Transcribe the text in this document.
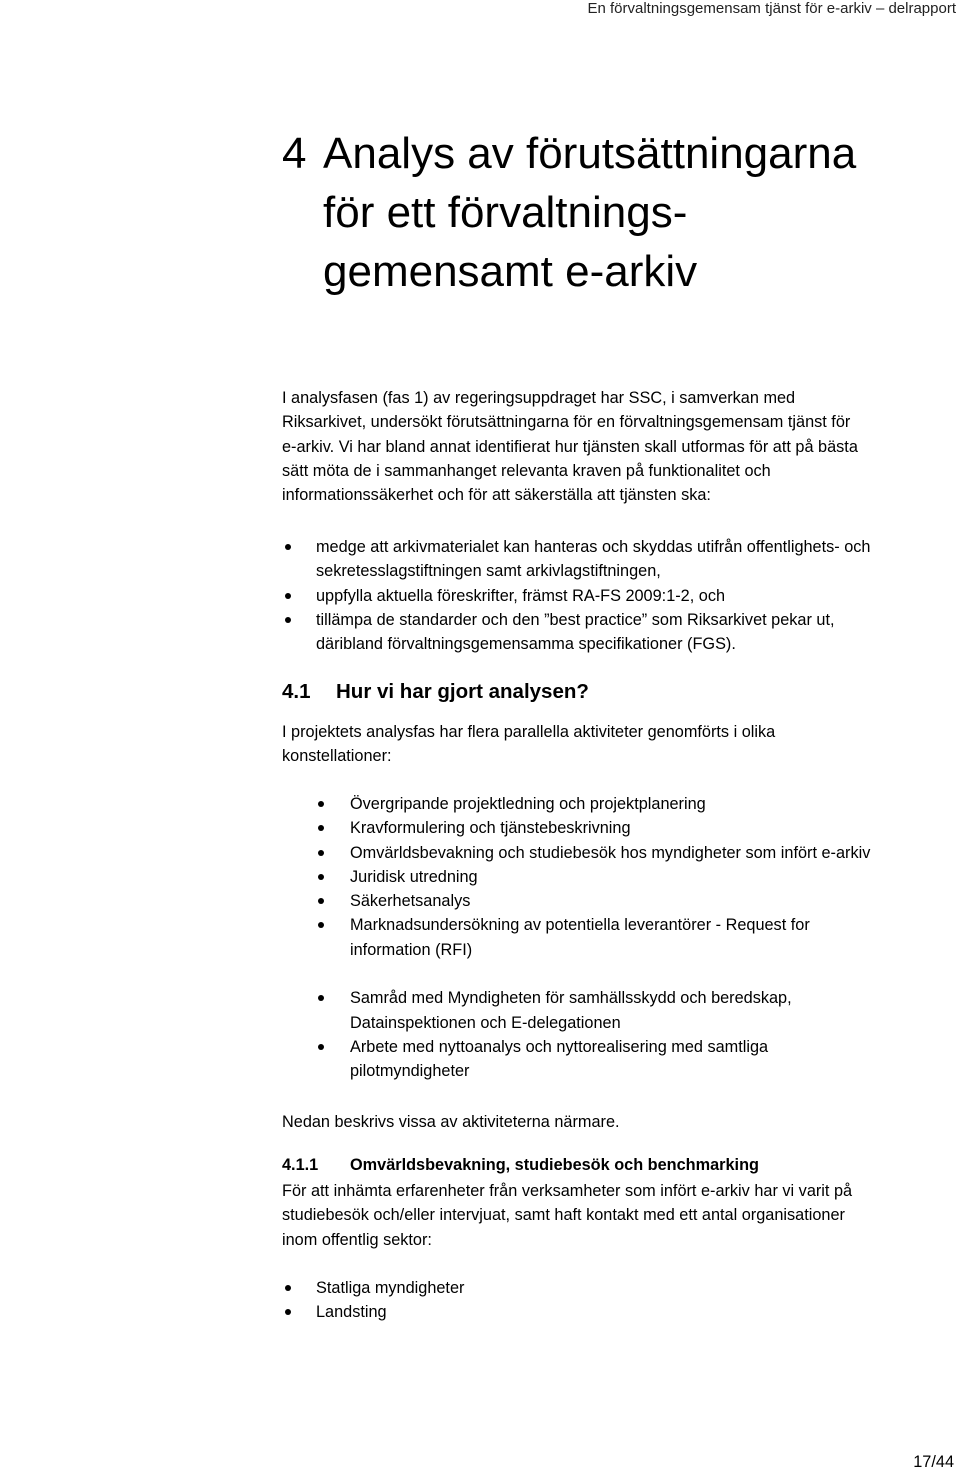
En förvaltningsgemensam tjänst för e-arkiv – delrapport
4 Analys av förutsättningarna
för ett förvaltnings-
gemensamt e-arkiv
I analysfasen (fas 1) av regeringsuppdraget har SSC, i samverkan med
Riksarkivet, undersökt förutsättningarna för en förvaltningsgemensam tjänst för
e-arkiv. Vi har bland annat identifierat hur tjänsten skall utformas för att på bästa
sätt möta de i sammanhanget relevanta kraven på funktionalitet och
informationssäkerhet och för att säkerställa att tjänsten ska:
medge att arkivmaterialet kan hanteras och skyddas utifrån offentlighets- och
sekretesslagstiftningen samt arkivlagstiftningen,
uppfylla aktuella föreskrifter, främst RA-FS 2009:1-2, och
tillämpa de standarder och den ”best practice” som Riksarkivet pekar ut,
däribland förvaltningsgemensamma specifikationer (FGS).
4.1 Hur vi har gjort analysen?
I projektets analysfas har flera parallella aktiviteter genomförts i olika
konstellationer:
Övergripande projektledning och projektplanering
Kravformulering och tjänstebeskrivning
Omvärldsbevakning och studiebesök hos myndigheter som infört e-arkiv
Juridisk utredning
Säkerhetsanalys
Marknadsundersökning av potentiella leverantörer - Request for
information (RFI)
Samråd med Myndigheten för samhällsskydd och beredskap,
Datainspektionen och E-delegationen
Arbete med nyttoanalys och nyttorealisering med samtliga
pilotmyndigheter
Nedan beskrivs vissa av aktiviteterna närmare.
4.1.1 Omvärldsbevakning, studiebesök och benchmarking
För att inhämta erfarenheter från verksamheter som infört e-arkiv har vi varit på
studiebesök och/eller intervjuat, samt haft kontakt med ett antal organisationer
inom offentlig sektor:
Statliga myndigheter
Landsting
17/44
